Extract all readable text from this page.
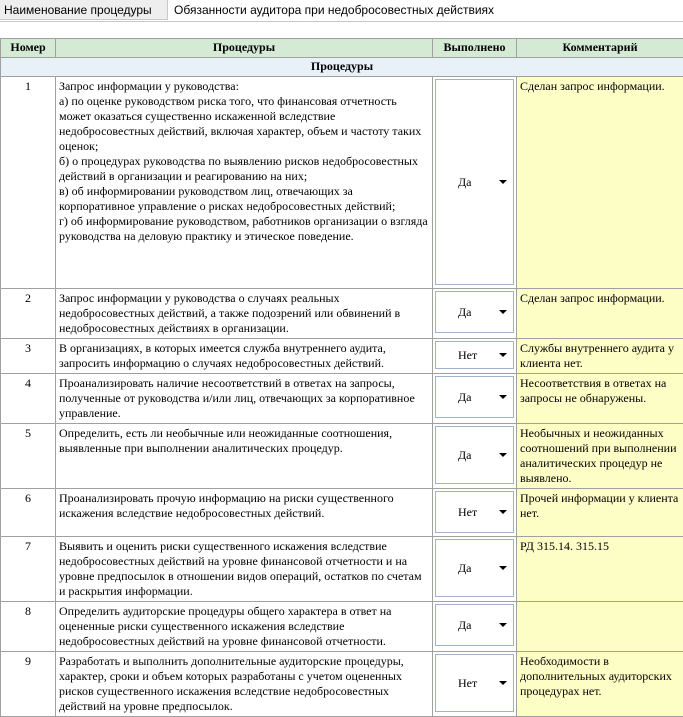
Наименование процедуры	Обязанности аудитора при недобросовестных действиях
Номер	Процедуры	Выполнено	Комментарий
Процедуры			
1	Запрос информации у руководства:
а) по оценке руководством риска того, что финансовая отчетность может оказаться существенно искаженной вследствие недобросовестных действий, включая характер, объем и частоту таких оценок;
б) о процедурах руководства по выявлению рисков недобросовестных действий в организации и реагированию на них;
в) об информировании руководством лиц, отвечающих за корпоративное управление о рисках недобросовестных действий;
г) об информирование руководством, работников организации о взгляда руководства на деловую практику и этическое поведение.	Да	Сделан запрос информации.
2	Запрос информации у руководства о случаях реальных недобросовестных действий, а также подозрений или обвинений в недобросовестных действиях в организации.	Да	Сделан запрос информации.
3	В организациях, в которых имеется служба внутреннего аудита, запросить информацию о случаях недобросовестных действий.	Нет	Службы внутреннего аудита у клиента нет.
4	Проанализировать наличие несоответствий в ответах на запросы, полученные от руководства и/или лиц, отвечающих за корпоративное управление.	Да	Несоответствия в ответах на запросы не обнаружены.
5	Определить, есть ли необычные или неожиданные соотношения, выявленные при выполнении аналитических процедур.	Да	Необычных и неожиданных соотношений при выполнении аналитических процедур не выявлено.
6	Проанализировать прочую информацию на риски существенного искажения вследствие недобросовестных действий.	Нет	Прочей информации у клиента нет.
7	Выявить и оценить риски существенного искажения вследствие недобросовестных действий на уровне финансовой отчетности и на уровне предпосылок в отношении видов операций, остатков по счетам и раскрытия информации.	Да	РД 315.14. 315.15
8	Определить аудиторские процедуры общего характера в ответ на оцененные риски существенного искажения вследствие недобросовестных действий на уровне финансовой отчетности.	Да	

9	Разработать и выполнить дополнительные аудиторские процедуры, характер, сроки и объем которых разработаны с учетом оцененных рисков существенного искажения вследствие недобросовестных действий на уровне предпосылок.	Нет	Необходимости в дополнительных аудиторских процедурах нет.
